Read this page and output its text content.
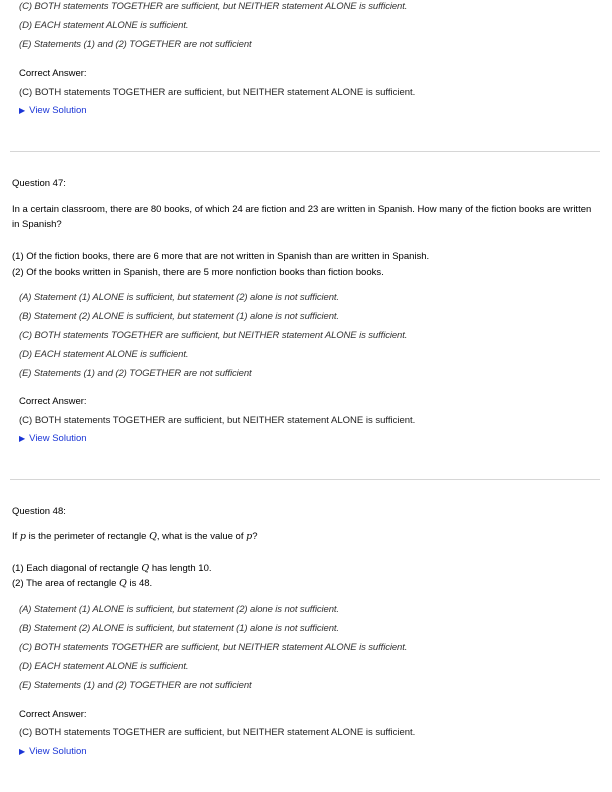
(C) BOTH statements TOGETHER are sufficient, but NEITHER statement ALONE is sufficient.
(D) EACH statement ALONE is sufficient.
(E) Statements (1) and (2) TOGETHER are not sufficient
Correct Answer:
(C) BOTH statements TOGETHER are sufficient, but NEITHER statement ALONE is sufficient.
▶ View Solution
Question 47:
In a certain classroom, there are 80 books, of which 24 are fiction and 23 are written in Spanish. How many of the fiction books are written in Spanish?
(1) Of the fiction books, there are 6 more that are not written in Spanish than are written in Spanish.
(2) Of the books written in Spanish, there are 5 more nonfiction books than fiction books.
(A) Statement (1) ALONE is sufficient, but statement (2) alone is not sufficient.
(B) Statement (2) ALONE is sufficient, but statement (1) alone is not sufficient.
(C) BOTH statements TOGETHER are sufficient, but NEITHER statement ALONE is sufficient.
(D) EACH statement ALONE is sufficient.
(E) Statements (1) and (2) TOGETHER are not sufficient
Correct Answer:
(C) BOTH statements TOGETHER are sufficient, but NEITHER statement ALONE is sufficient.
▶ View Solution
Question 48:
If p is the perimeter of rectangle Q, what is the value of p?
(1) Each diagonal of rectangle Q has length 10.
(2) The area of rectangle Q is 48.
(A) Statement (1) ALONE is sufficient, but statement (2) alone is not sufficient.
(B) Statement (2) ALONE is sufficient, but statement (1) alone is not sufficient.
(C) BOTH statements TOGETHER are sufficient, but NEITHER statement ALONE is sufficient.
(D) EACH statement ALONE is sufficient.
(E) Statements (1) and (2) TOGETHER are not sufficient
Correct Answer:
(C) BOTH statements TOGETHER are sufficient, but NEITHER statement ALONE is sufficient.
▶ View Solution
